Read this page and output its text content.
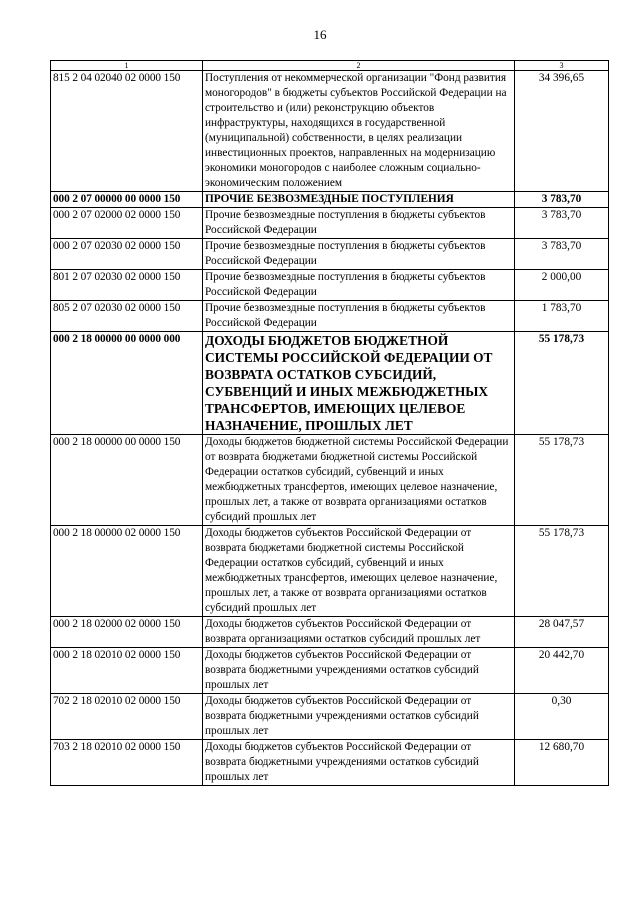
16
1	2	3
815 2 04 02040 02 0000 150	Поступления от некоммерческой организации "Фонд развития моногородов" в бюджеты субъектов Российской Федерации на строительство и (или) реконструкцию объектов инфраструктуры, находящихся в государственной (муниципальной) собственности, в целях реализации инвестиционных проектов, направленных на модернизацию экономики моногородов с наиболее сложным социально-экономическим положением	34 396,65
000 2 07 00000 00 0000 150	ПРОЧИЕ БЕЗВОЗМЕЗДНЫЕ ПОСТУПЛЕНИЯ	3 783,70
000 2 07 02000 02 0000 150	Прочие безвозмездные поступления в бюджеты субъектов Российской Федерации	3 783,70
000 2 07 02030 02 0000 150	Прочие безвозмездные поступления в бюджеты субъектов Российской Федерации	3 783,70
801 2 07 02030 02 0000 150	Прочие безвозмездные поступления в бюджеты субъектов Российской Федерации	2 000,00
805 2 07 02030 02 0000 150	Прочие безвозмездные поступления в бюджеты субъектов Российской Федерации	1 783,70
000 2 18 00000 00 0000 000	ДОХОДЫ БЮДЖЕТОВ БЮДЖЕТНОЙ СИСТЕМЫ РОССИЙСКОЙ ФЕДЕРАЦИИ ОТ ВОЗВРАТА ОСТАТКОВ СУБСИДИЙ, СУБВЕНЦИЙ И ИНЫХ МЕЖБЮДЖЕТНЫХ ТРАНСФЕРТОВ, ИМЕЮЩИХ ЦЕЛЕВОЕ НАЗНАЧЕНИЕ, ПРОШЛЫХ ЛЕТ	55 178,73
000 2 18 00000 00 0000 150	Доходы бюджетов бюджетной системы Российской Федерации от возврата бюджетами бюджетной системы Российской Федерации остатков субсидий, субвенций и иных межбюджетных трансфертов, имеющих целевое назначение, прошлых лет, а также от возврата организациями остатков субсидий прошлых лет	55 178,73
000 2 18 00000 02 0000 150	Доходы бюджетов субъектов Российской Федерации от возврата бюджетами бюджетной системы Российской Федерации остатков субсидий, субвенций и иных межбюджетных трансфертов, имеющих целевое назначение, прошлых лет, а также от возврата организациями остатков субсидий прошлых лет	55 178,73
000 2 18 02000 02 0000 150	Доходы бюджетов субъектов Российской Федерации от возврата организациями остатков субсидий прошлых лет	28 047,57
000 2 18 02010 02 0000 150	Доходы бюджетов субъектов Российской Федерации от возврата бюджетными учреждениями остатков субсидий прошлых лет	20 442,70
702 2 18 02010 02 0000 150	Доходы бюджетов субъектов Российской Федерации от возврата бюджетными учреждениями остатков субсидий прошлых лет	0,30
703 2 18 02010 02 0000 150	Доходы бюджетов субъектов Российской Федерации от возврата бюджетными учреждениями остатков субсидий прошлых лет	12 680,70
